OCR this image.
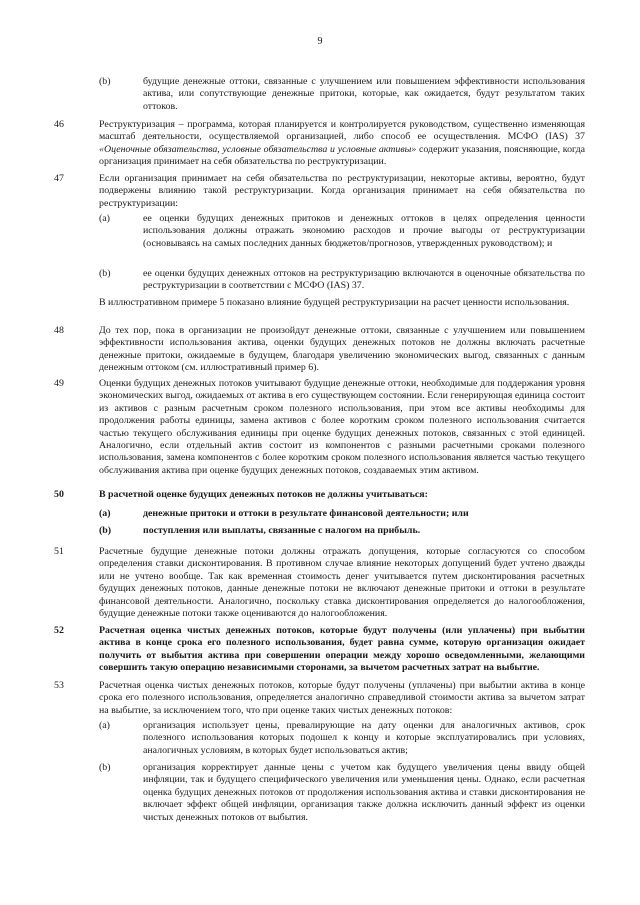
9
(b)	будущие денежные оттоки, связанные с улучшением или повышением эффективности использования актива, или сопутствующие денежные притоки, которые, как ожидается, будут результатом таких оттоков.
46	Реструктуризация – программа, которая планируется и контролируется руководством, существенно изменяющая масштаб деятельности, осуществляемой организацией, либо способ ее осуществления. МСФО (IAS) 37 «Оценочные обязательства, условные обязательства и условные активы» содержит указания, поясняющие, когда организация принимает на себя обязательства по реструктуризации.
47	Если организация принимает на себя обязательства по реструктуризации, некоторые активы, вероятно, будут подвержены влиянию такой реструктуризации. Когда организация принимает на себя обязательства по реструктуризации:
(a)	ее оценки будущих денежных притоков и денежных оттоков в целях определения ценности использования должны отражать экономию расходов и прочие выгоды от реструктуризации (основываясь на самых последних данных бюджетов/прогнозов, утвержденных руководством); и
(b)	ее оценки будущих денежных оттоков на реструктуризацию включаются в оценочные обязательства по реструктуризации в соответствии с МСФО (IAS) 37.
В иллюстративном примере 5 показано влияние будущей реструктуризации на расчет ценности использования.
48	До тех пор, пока в организации не произойдут денежные оттоки, связанные с улучшением или повышением эффективности использования актива, оценки будущих денежных потоков не должны включать расчетные денежные притоки, ожидаемые в будущем, благодаря увеличению экономических выгод, связанных с данным денежным оттоком (см. иллюстративный пример 6).
49	Оценки будущих денежных потоков учитывают будущие денежные оттоки, необходимые для поддержания уровня экономических выгод, ожидаемых от актива в его существующем состоянии. Если генерирующая единица состоит из активов с разным расчетным сроком полезного использования, при этом все активы необходимы для продолжения работы единицы, замена активов с более коротким сроком полезного использования считается частью текущего обслуживания единицы при оценке будущих денежных потоков, связанных с этой единицей. Аналогично, если отдельный актив состоит из компонентов с разными расчетными сроками полезного использования, замена компонентов с более коротким сроком полезного использования является частью текущего обслуживания актива при оценке будущих денежных потоков, создаваемых этим активом.
50	В расчетной оценке будущих денежных потоков не должны учитываться:
(a)	денежные притоки и оттоки в результате финансовой деятельности; или
(b)	поступления или выплаты, связанные с налогом на прибыль.
51	Расчетные будущие денежные потоки должны отражать допущения, которые согласуются со способом определения ставки дисконтирования. В противном случае влияние некоторых допущений будет учтено дважды или не учтено вообще. Так как временная стоимость денег учитывается путем дисконтирования расчетных будущих денежных потоков, данные денежные потоки не включают денежные притоки и оттоки в результате финансовой деятельности. Аналогично, поскольку ставка дисконтирования определяется до налогообложения, будущие денежные потоки также оцениваются до налогообложения.
52	Расчетная оценка чистых денежных потоков, которые будут получены (или уплачены) при выбытии актива в конце срока его полезного использования, будет равна сумме, которую организация ожидает получить от выбытия актива при совершении операции между хорошо осведомленными, желающими совершить такую операцию независимыми сторонами, за вычетом расчетных затрат на выбытие.
53	Расчетная оценка чистых денежных потоков, которые будут получены (уплачены) при выбытии актива в конце срока его полезного использования, определяется аналогично справедливой стоимости актива за вычетом затрат на выбытие, за исключением того, что при оценке таких чистых денежных потоков:
(a)	организация использует цены, превалирующие на дату оценки для аналогичных активов, срок полезного использования которых подошел к концу и которые эксплуатировались при условиях, аналогичных условиям, в которых будет использоваться актив;
(b)	организация корректирует данные цены с учетом как будущего увеличения цены ввиду общей инфляции, так и будущего специфического увеличения или уменьшения цены. Однако, если расчетная оценка будущих денежных потоков от продолжения использования актива и ставки дисконтирования не включает эффект общей инфляции, организация также должна исключить данный эффект из оценки чистых денежных потоков от выбытия.
